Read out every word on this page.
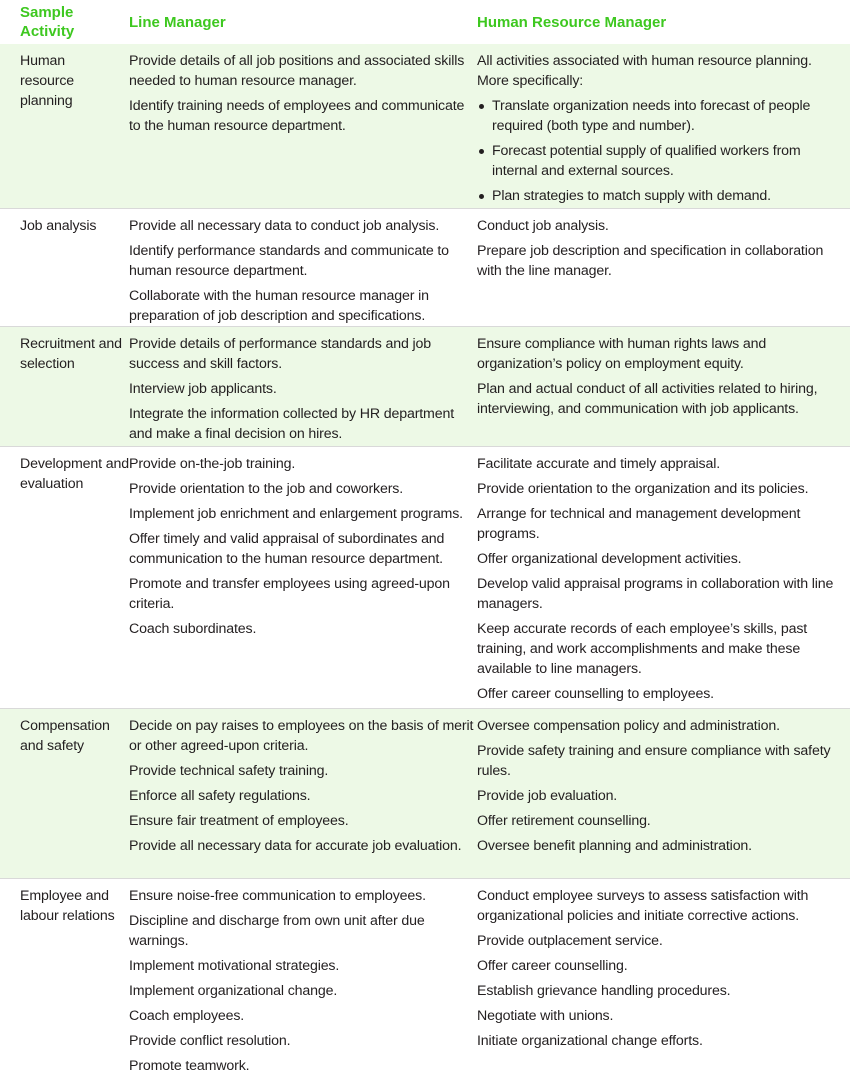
Sample Activity
Line Manager	Human Resource Manager
Human resource planning
Provide details of all job positions and associated skills needed to human resource manager.
Identify training needs of employees and communicate to the human resource department.
All activities associated with human resource planning. More specifically:
Translate organization needs into forecast of people required (both type and number).
Forecast potential supply of qualified workers from internal and external sources.
Plan strategies to match supply with demand.
Job analysis	Provide all necessary data to conduct job analysis.
Identify performance standards and communicate to human resource department.
Collaborate with the human resource manager in preparation of job description and specifications.
Conduct job analysis.
Prepare job description and specification in collaboration with the line manager.
Recruitment and selection
Provide details of performance standards and job success and skill factors.
Interview job applicants.
Integrate the information collected by HR department and make a final decision on hires.
Ensure compliance with human rights laws and organization’s policy on employment equity.
Plan and actual conduct of all activities related to hiring, interviewing, and communication with job applicants.
Development and evaluation
Provide on-the-job training.
Provide orientation to the job and coworkers.
Implement job enrichment and enlargement programs.
Offer timely and valid appraisal of subordinates and communication to the human resource department.
Promote and transfer employees using agreed-upon criteria.
Coach subordinates.
Facilitate accurate and timely appraisal.
Provide orientation to the organization and its policies.
Arrange for technical and management development programs.
Offer organizational development activities.
Develop valid appraisal programs in collaboration with line managers.
Keep accurate records of each employee’s skills, past training, and work accomplishments and make these available to line managers.
Offer career counselling to employees.
Compensation and safety
Decide on pay raises to employees on the basis of merit or other agreed-upon criteria.
Provide technical safety training.
Enforce all safety regulations.
Ensure fair treatment of employees.
Provide all necessary data for accurate job evaluation.
Oversee compensation policy and administration.
Provide safety training and ensure compliance with safety rules.
Provide job evaluation.
Offer retirement counselling.
Oversee benefit planning and administration.
Employee and labour relations
Ensure noise-free communication to employees.
Discipline and discharge from own unit after due warnings.
Implement motivational strategies.
Implement organizational change.
Coach employees.
Provide conflict resolution.
Promote teamwork.
Conduct employee surveys to assess satisfaction with organizational policies and initiate corrective actions.
Provide outplacement service.
Offer career counselling.
Establish grievance handling procedures.
Negotiate with unions.
Initiate organizational change efforts.
